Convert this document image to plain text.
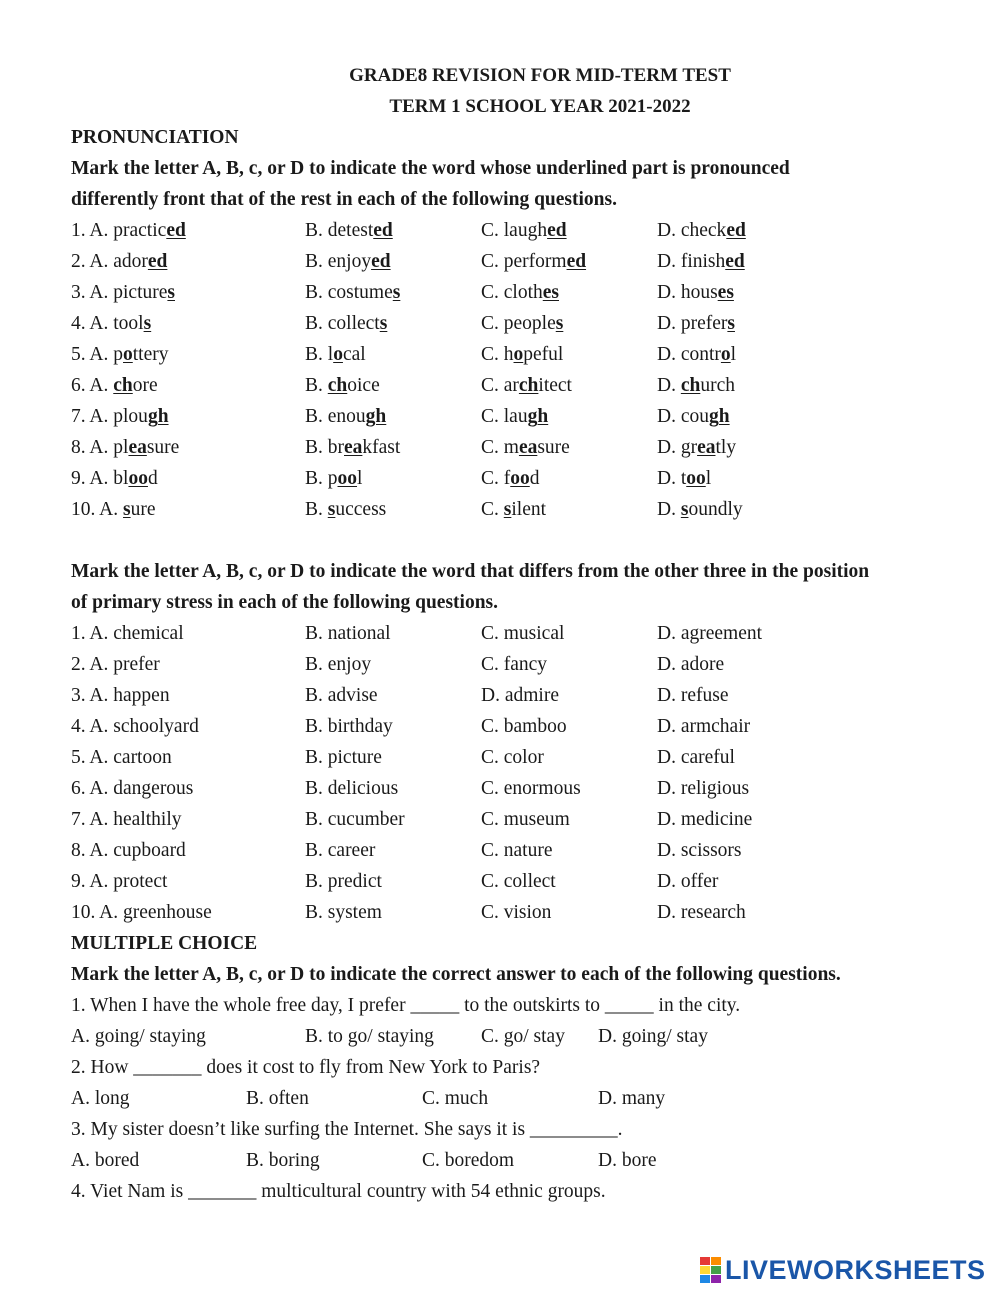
GRADE8 REVISION FOR MID-TERM TEST
TERM 1 SCHOOL YEAR 2021-2022
PRONUNCIATION
Mark the letter A, B, c, or D to indicate the word whose underlined part is pronounced
differently front that of the rest in each of the following questions.
1. A. practiced	B. detested	C. laughed	D. checked
2. A. adored	B. enjoyed	C. performed	D. finished
3. A. pictures	B. costumes	C. clothes	D. houses
4. A. tools	B. collects	C. peoples	D. prefers
5. A. pottery	B. local	C. hopeful	D. control
6. A. chore	B. choice	C. architect	D. church
7. A. plough	B. enough	C. laugh	D. cough
8. A. pleasure	B. breakfast	C. measure	D. greatly
9. A. blood	B. pool	C. food	D. tool
10. A. sure	B. success	C. silent	D. soundly
Mark the letter A, B, c, or D to indicate the word that differs from the other three in the position
of primary stress in each of the following questions.
1. A. chemical	B. national	C. musical	D. agreement
2. A. prefer	B. enjoy	C. fancy	D. adore
3. A. happen	B. advise	D. admire	D. refuse
4. A. schoolyard	B. birthday	C. bamboo	D. armchair
5. A. cartoon	B. picture	C. color	D. careful
6. A. dangerous	B. delicious	C. enormous	D. religious
7. A. healthily	B. cucumber	C. museum	D. medicine
8. A. cupboard	B. career	C. nature	D. scissors
9. A. protect	B. predict	C. collect	D. offer
10. A. greenhouse	B. system	C. vision	D. research
MULTIPLE CHOICE
Mark the letter A, B, c, or D to indicate the correct answer to each of the following questions.
1. When I have the whole free day, I prefer _____ to the outskirts to _____ in the city.
A. going/ staying	B. to go/ staying C. go/ stay D. going/ stay
2. How _______ does it cost to fly from New York to Paris?
A. long	B. often	C. much	D. many
3. My sister doesn’t like surfing the Internet. She says it is _________.
A. bored	B. boring	C. boredom	D. bore
4. Viet Nam is _______ multicultural country with 54 ethnic groups.
LIVEWORKSHEETS
